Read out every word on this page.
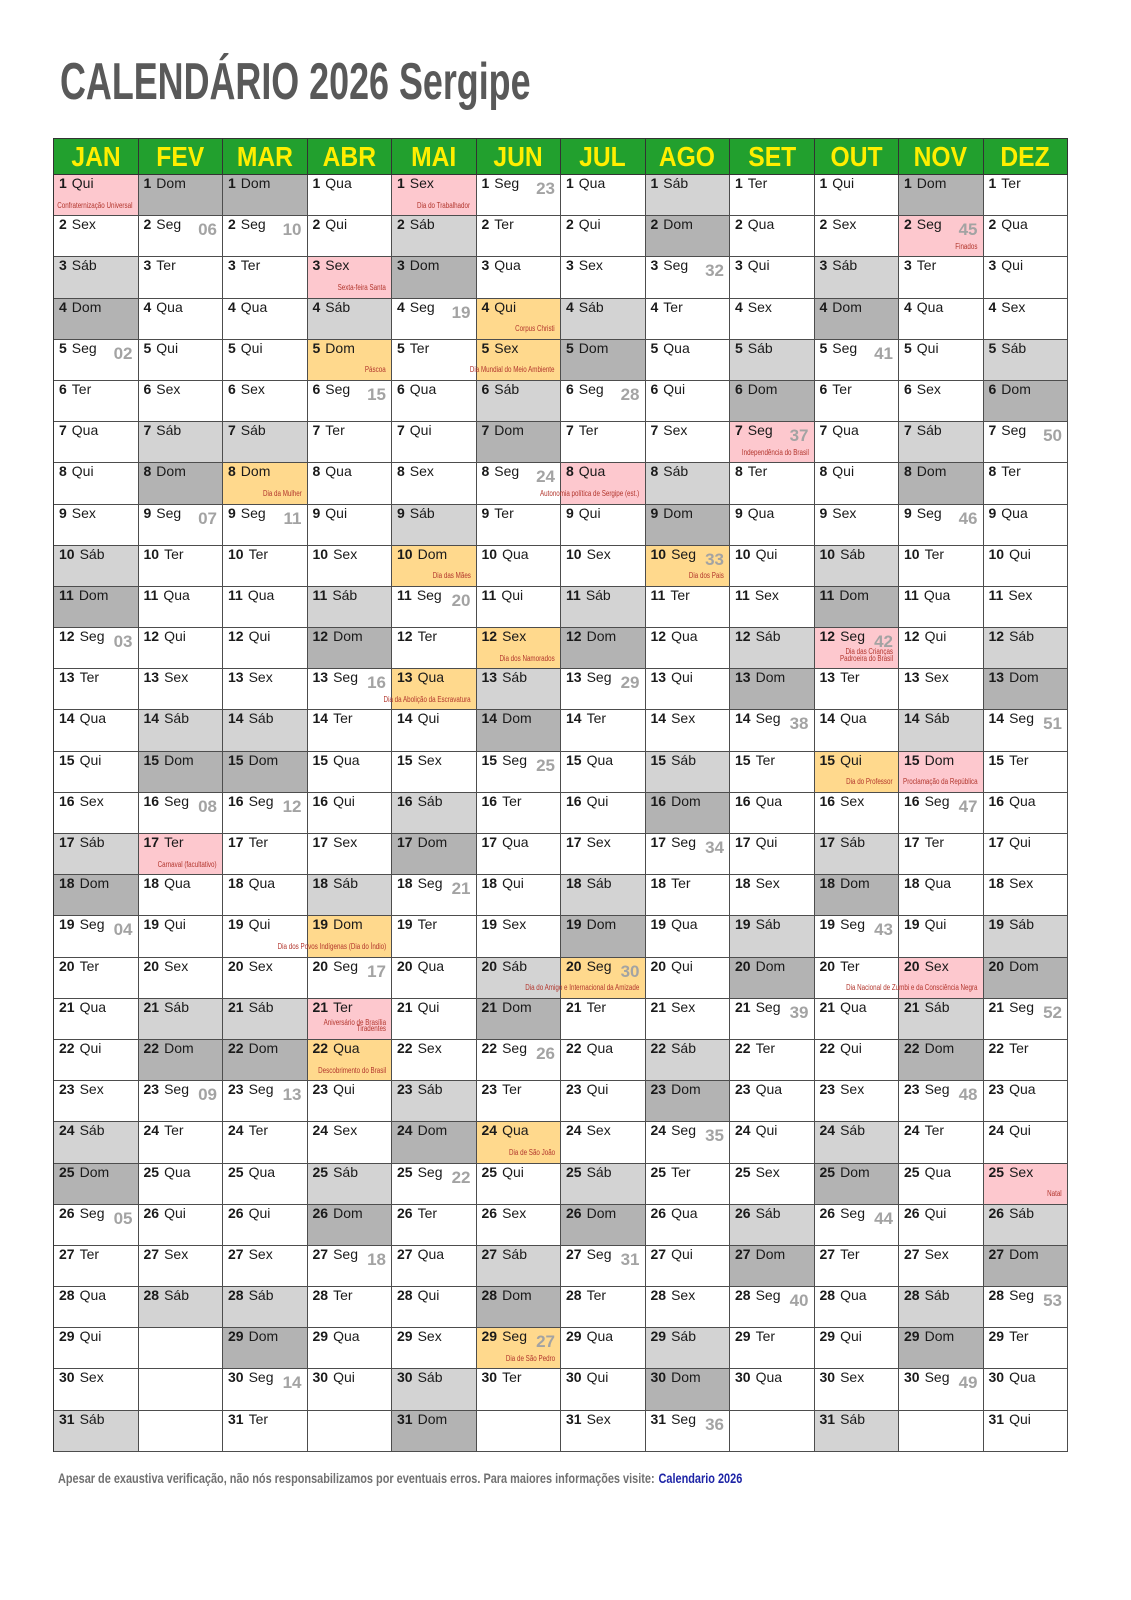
CALENDÁRIO 2026 Sergipe
JAN
1 Qui
Confraternização Universal
2 Sex
3 Sáb
4 Dom
5 Seg 02
6 Ter
7 Qua
8 Qui
9 Sex
10 Sáb
11 Dom
12 Seg 03
13 Ter
14 Qua
15 Qui
16 Sex
17 Sáb
18 Dom
19 Seg 04
20 Ter
21 Qua
22 Qui
23 Sex
24 Sáb
25 Dom
26 Seg 05
27 Ter
28 Qua
29 Qui
30 Sex
31 Sáb
FEV
1 Dom
2 Seg 06
3 Ter
4 Qua
5 Qui
6 Sex
7 Sáb
8 Dom
9 Seg 07
10 Ter
11 Qua
12 Qui
13 Sex
14 Sáb
15 Dom
16 Seg 08
17 Ter
Carnaval (facultativo)
18 Qua
19 Qui
20 Sex
21 Sáb
22 Dom
23 Seg 09
24 Ter
25 Qua
26 Qui
27 Sex
28 Sáb
MAR
1 Dom
2 Seg 10
3 Ter
4 Qua
5 Qui
6 Sex
7 Sáb
8 Dom
Dia da Mulher
9 Seg 11
10 Ter
11 Qua
12 Qui
13 Sex
14 Sáb
15 Dom
16 Seg 12
17 Ter
18 Qua
19 Qui
20 Sex
21 Sáb
22 Dom
23 Seg 13
24 Ter
25 Qua
26 Qui
27 Sex
28 Sáb
29 Dom
30 Seg 14
31 Ter
ABR
1 Qua
2 Qui
3 Sex
Sexta-feira Santa
4 Sáb
5 Dom
Páscoa
6 Seg 15
7 Ter
8 Qua
9 Qui
10 Sex
11 Sáb
12 Dom
13 Seg 16
14 Ter
15 Qua
16 Qui
17 Sex
18 Sáb
19 Dom
Dia dos Povos Indígenas (Dia do Índio)
20 Seg 17
21 Ter
Aniversário de Brasília
Tiradentes
22 Qua
Descobrimento do Brasil
23 Qui
24 Sex
25 Sáb
26 Dom
27 Seg 18
28 Ter
29 Qua
30 Qui
MAI
1 Sex
Dia do Trabalhador
2 Sáb
3 Dom
4 Seg 19
5 Ter
6 Qua
7 Qui
8 Sex
9 Sáb
10 Dom
Dia das Mães
11 Seg 20
12 Ter
13 Qua
Dia da Abolição da Escravatura
14 Qui
15 Sex
16 Sáb
17 Dom
18 Seg 21
19 Ter
20 Qua
21 Qui
22 Sex
23 Sáb
24 Dom
25 Seg 22
26 Ter
27 Qua
28 Qui
29 Sex
30 Sáb
31 Dom
JUN
1 Seg 23
2 Ter
3 Qua
4 Qui
Corpus Christi
5 Sex
Dia Mundial do Meio Ambiente
6 Sáb
7 Dom
8 Seg 24
9 Ter
10 Qua
11 Qui
12 Sex
Dia dos Namorados
13 Sáb
14 Dom
15 Seg 25
16 Ter
17 Qua
18 Qui
19 Sex
20 Sáb
21 Dom
22 Seg 26
23 Ter
24 Qua
Dia de São João
25 Qui
26 Sex
27 Sáb
28 Dom
29 Seg 27
Dia de São Pedro
30 Ter
JUL
1 Qua
2 Qui
3 Sex
4 Sáb
5 Dom
6 Seg 28
7 Ter
8 Qua
Autonomia política de Sergipe (est.)
9 Qui
10 Sex
11 Sáb
12 Dom
13 Seg 29
14 Ter
15 Qua
16 Qui
17 Sex
18 Sáb
19 Dom
20 Seg 30
Dia do Amigo e Internacional da Amizade
21 Ter
22 Qua
23 Qui
24 Sex
25 Sáb
26 Dom
27 Seg 31
28 Ter
29 Qua
30 Qui
31 Sex
AGO
1 Sáb
2 Dom
3 Seg 32
4 Ter
5 Qua
6 Qui
7 Sex
8 Sáb
9 Dom
10 Seg 33
Dia dos Pais
11 Ter
12 Qua
13 Qui
14 Sex
15 Sáb
16 Dom
17 Seg 34
18 Ter
19 Qua
20 Qui
21 Sex
22 Sáb
23 Dom
24 Seg 35
25 Ter
26 Qua
27 Qui
28 Sex
29 Sáb
30 Dom
31 Seg 36
SET
1 Ter
2 Qua
3 Qui
4 Sex
5 Sáb
6 Dom
7 Seg 37
Independência do Brasil
8 Ter
9 Qua
10 Qui
11 Sex
12 Sáb
13 Dom
14 Seg 38
15 Ter
16 Qua
17 Qui
18 Sex
19 Sáb
20 Dom
21 Seg 39
22 Ter
23 Qua
24 Qui
25 Sex
26 Sáb
27 Dom
28 Seg 40
29 Ter
30 Qua
OUT
1 Qui
2 Sex
3 Sáb
4 Dom
5 Seg 41
6 Ter
7 Qua
8 Qui
9 Sex
10 Sáb
11 Dom
12 Seg 42
Dia das Crianças
Padroeira do Brasil
13 Ter
14 Qua
15 Qui
Dia do Professor
16 Sex
17 Sáb
18 Dom
19 Seg 43
20 Ter
21 Qua
22 Qui
23 Sex
24 Sáb
25 Dom
26 Seg 44
27 Ter
28 Qua
29 Qui
30 Sex
31 Sáb
NOV
1 Dom
2 Seg 45
Finados
3 Ter
4 Qua
5 Qui
6 Sex
7 Sáb
8 Dom
9 Seg 46
10 Ter
11 Qua
12 Qui
13 Sex
14 Sáb
15 Dom
Proclamação da República
16 Seg 47
17 Ter
18 Qua
19 Qui
20 Sex
Dia Nacional de Zumbi e da Consciência Negra
21 Sáb
22 Dom
23 Seg 48
24 Ter
25 Qua
26 Qui
27 Sex
28 Sáb
29 Dom
30 Seg 49
DEZ
1 Ter
2 Qua
3 Qui
4 Sex
5 Sáb
6 Dom
7 Seg 50
8 Ter
9 Qua
10 Qui
11 Sex
12 Sáb
13 Dom
14 Seg 51
15 Ter
16 Qua
17 Qui
18 Sex
19 Sáb
20 Dom
21 Seg 52
22 Ter
23 Qua
24 Qui
25 Sex
Natal
26 Sáb
27 Dom
28 Seg 53
29 Ter
30 Qua
31 Qui
Apesar de exaustiva verificação, não nós responsabilizamos por eventuais erros. Para maiores informações visite: Calendario 2026
